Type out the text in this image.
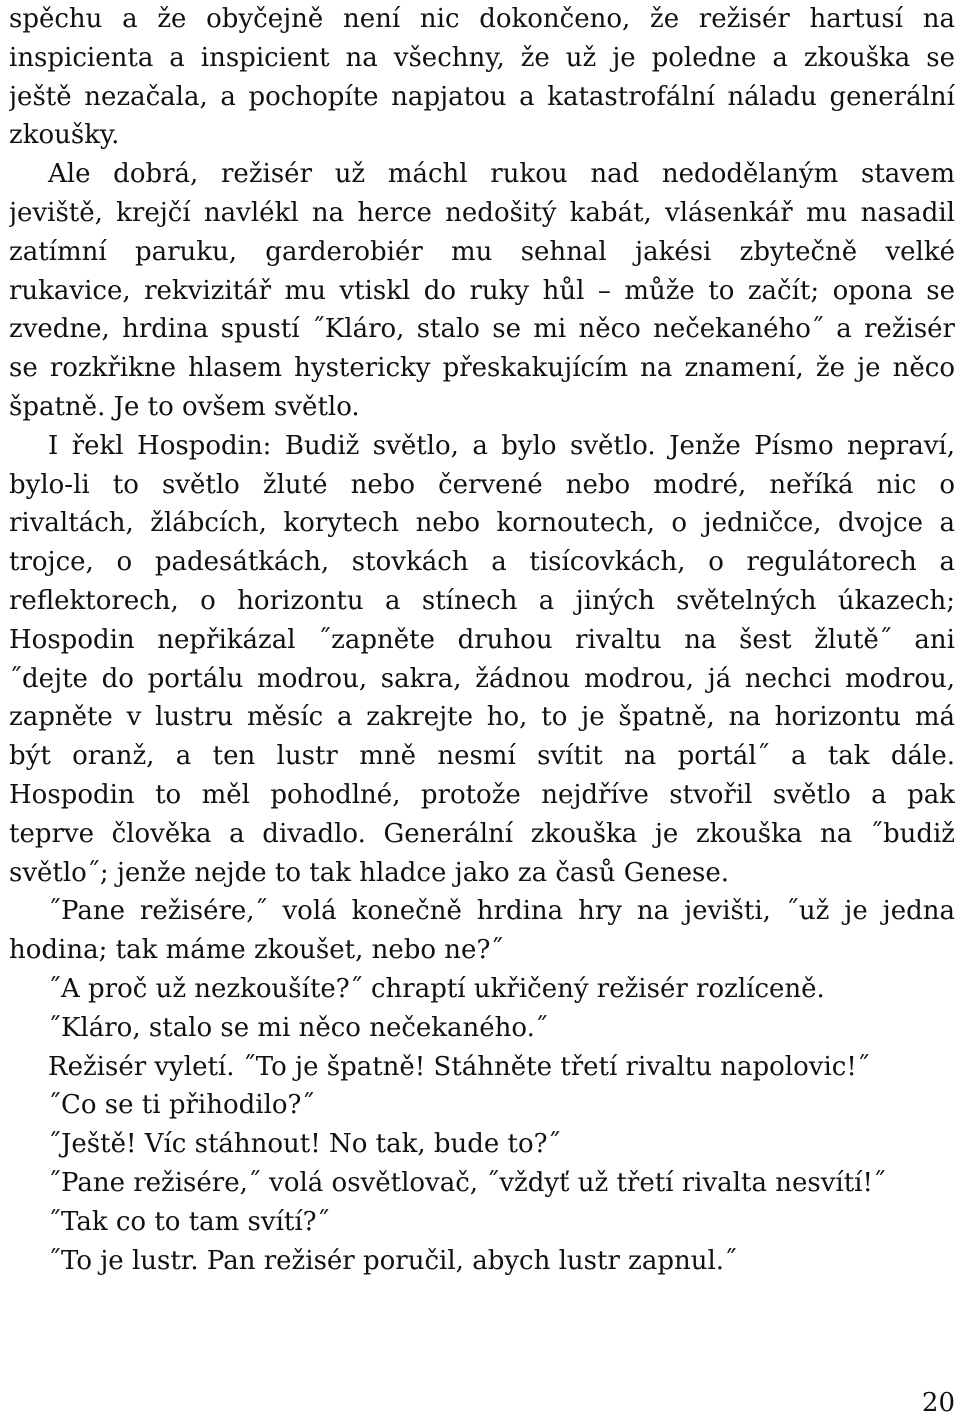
spěchu a že obyčejně není nic dokončeno, že režisér hartusí na
inspicienta a inspicient na všechny, že už je poledne a zkouška se
ještě nezačala, a pochopíte napjatou a katastrofální náladu generální
zkoušky.
Ale dobrá, režisér už máchl rukou nad nedodělaným stavem
jeviště, krejčí navlékl na herce nedošitý kabát, vlásenkář mu nasadil
zatímní paruku, garderobiér mu sehnal jakési zbytečně velké
rukavice, rekvizitář mu vtiskl do ruky hůl – může to začít; opona se
zvedne, hrdina spustí ˝Kláro, stalo se mi něco nečekaného˝ a režisér
se rozkřikne hlasem hystericky přeskakujícím na znamení, že je něco
špatně. Je to ovšem světlo.
I řekl Hospodin: Budiž světlo, a bylo světlo. Jenže Písmo nepraví,
bylo-li to světlo žluté nebo červené nebo modré, neříká nic o
rivaltách, žlábcích, korytech nebo kornoutech, o jedničce, dvojce a
trojce, o padesátkách, stovkách a tisícovkách, o regulátorech a
reflektorech, o horizontu a stínech a jiných světelných úkazech;
Hospodin nepřikázal ˝zapněte druhou rivaltu na šest žlutě˝ ani
˝dejte do portálu modrou, sakra, žádnou modrou, já nechci modrou,
zapněte v lustru měsíc a zakrejte ho, to je špatně, na horizontu má
být oranž, a ten lustr mně nesmí svítit na portál˝ a tak dále.
Hospodin to měl pohodlné, protože nejdříve stvořil světlo a pak
teprve člověka a divadlo. Generální zkouška je zkouška na ˝budiž
světlo˝; jenže nejde to tak hladce jako za časů Genese.
˝Pane režisére,˝ volá konečně hrdina hry na jevišti, ˝už je jedna
hodina; tak máme zkoušet, nebo ne?˝
˝A proč už nezkoušíte?˝ chraptí ukřičený režisér rozlíceně.
˝Kláro, stalo se mi něco nečekaného.˝
Režisér vyletí. ˝To je špatně! Stáhněte třetí rivaltu napolovic!˝
˝Co se ti přihodilo?˝
˝Ještě! Víc stáhnout! No tak, bude to?˝
˝Pane režisére,˝ volá osvětlovač, ˝vždyť už třetí rivalta nesvítí!˝
˝Tak co to tam svítí?˝
˝To je lustr. Pan režisér poručil, abych lustr zapnul.˝
20
